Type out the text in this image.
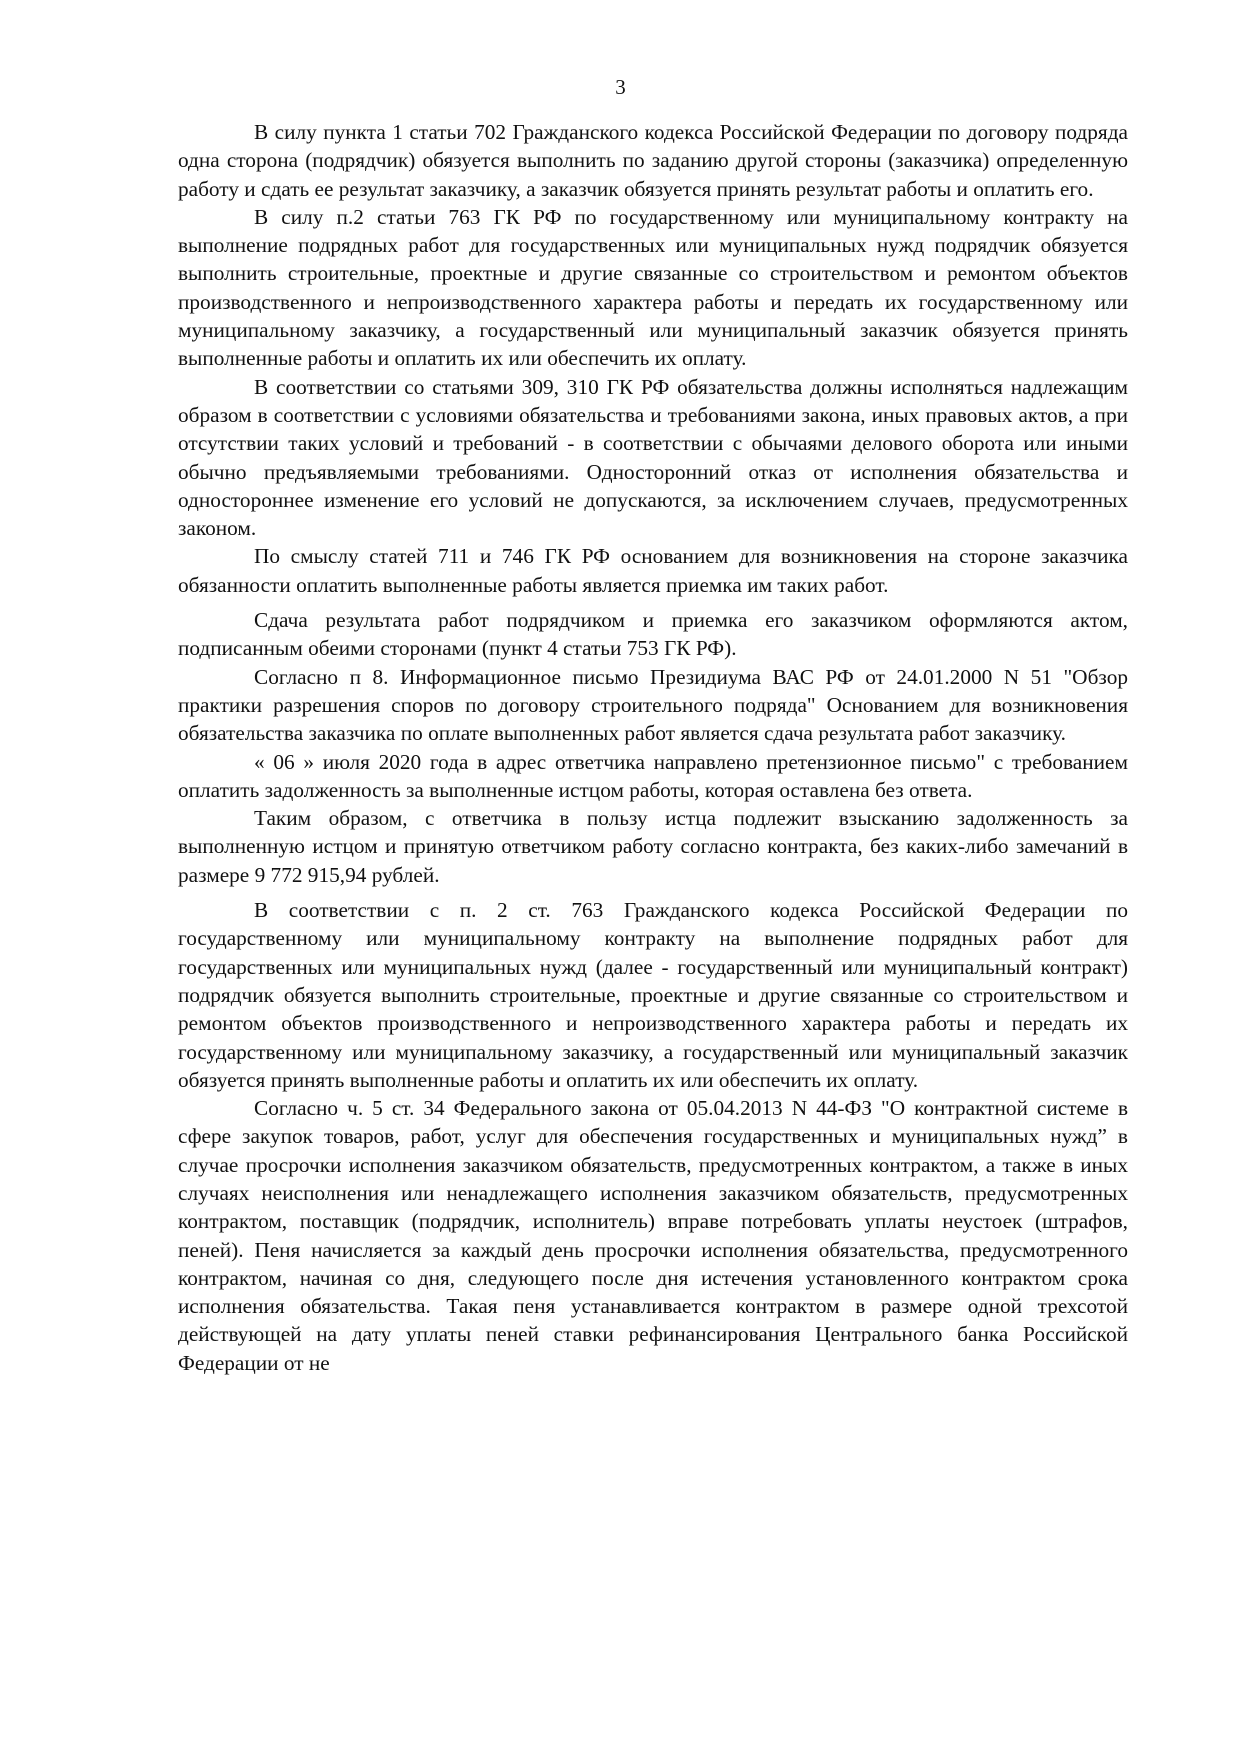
3

В силу пункта 1 статьи 702 Гражданского кодекса Российской Федерации по договору подряда одна сторона (подрядчик) обязуется выполнить по заданию другой стороны (заказчика) определенную работу и сдать ее результат заказчику, а заказчик обязуется принять результат работы и оплатить его.

В силу п.2 статьи 763 ГК РФ по государственному или муниципальному контракту на выполнение подрядных работ для государственных или муниципальных нужд подрядчик обязуется выполнить строительные, проектные и другие связанные со строительством и ремонтом объектов производственного и непроизводственного характера работы и передать их государственному или муниципальному заказчику, а государственный или муниципальный заказчик обязуется принять выполненные работы и оплатить их или обеспечить их оплату.

В соответствии со статьями 309, 310 ГК РФ обязательства должны исполняться надлежащим образом в соответствии с условиями обязательства и требованиями закона, иных правовых актов, а при отсутствии таких условий и требований - в соответствии с обычаями делового оборота или иными обычно предъявляемыми требованиями. Односторонний отказ от исполнения обязательства и одностороннее изменение его условий не допускаются, за исключением случаев, предусмотренных законом.

По смыслу статей 711 и 746 ГК РФ основанием для возникновения на стороне заказчика обязанности оплатить выполненные работы является приемка им таких работ.

Сдача результата работ подрядчиком и приемка его заказчиком оформляются актом, подписанным обеими сторонами (пункт 4 статьи 753 ГК РФ).

Согласно п 8. Информационное письмо Президиума ВАС РФ от 24.01.2000 N 51 "Обзор практики разрешения споров по договору строительного подряда" Основанием для возникновения обязательства заказчика по оплате выполненных работ является сдача результата работ заказчику.

« 06 » июля 2020 года в адрес ответчика направлено претензионное письмо" с требованием оплатить задолженность за выполненные истцом работы, которая оставлена без ответа.

Таким образом, с ответчика в пользу истца подлежит взысканию задолженность за выполненную истцом и принятую ответчиком работу согласно контракта, без каких-либо замечаний в размере 9 772 915,94 рублей.

В соответствии с п. 2 ст. 763 Гражданского кодекса Российской Федерации по государственному или муниципальному контракту на выполнение подрядных работ для государственных или муниципальных нужд (далее - государственный или муниципальный контракт) подрядчик обязуется выполнить строительные, проектные и другие связанные со строительством и ремонтом объектов производственного и непроизводственного характера работы и передать их государственному или муниципальному заказчику, а государственный или муниципальный заказчик обязуется принять выполненные работы и оплатить их или обеспечить их оплату.

Согласно ч. 5 ст. 34 Федерального закона от 05.04.2013 N 44-ФЗ "О контрактной системе в сфере закупок товаров, работ, услуг для обеспечения государственных и муниципальных нужд” в случае просрочки исполнения заказчиком обязательств, предусмотренных контрактом, а также в иных случаях неисполнения или ненадлежащего исполнения заказчиком обязательств, предусмотренных контрактом, поставщик (подрядчик, исполнитель) вправе потребовать уплаты неустоек (штрафов, пеней). Пеня начисляется за каждый день просрочки исполнения обязательства, предусмотренного контрактом, начиная со дня, следующего после дня истечения установленного контрактом срока исполнения обязательства. Такая пеня устанавливается контрактом в размере одной трехсотой действующей на дату уплаты пеней ставки рефинансирования Центрального банка Российской Федерации от не
